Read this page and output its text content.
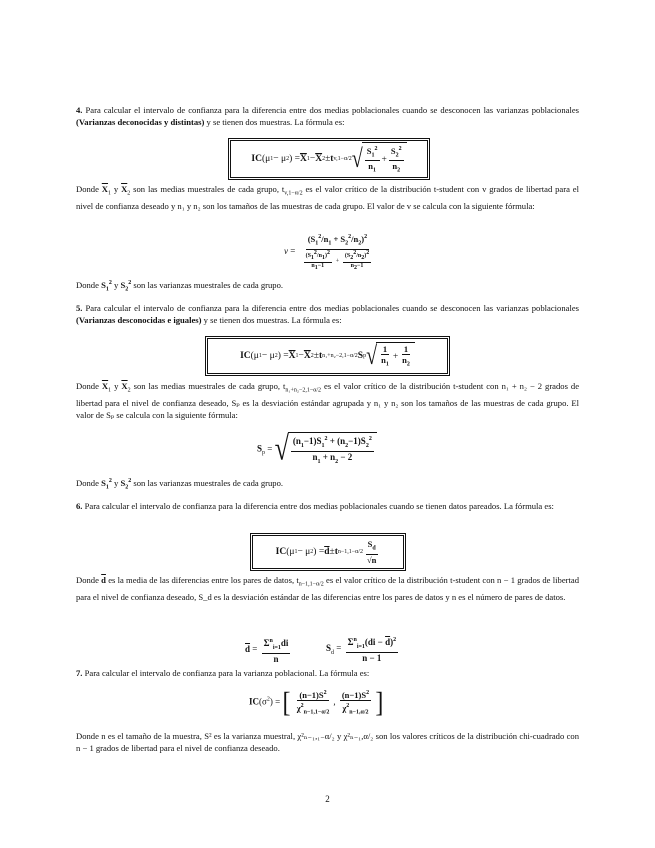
4. Para calcular el intervalo de confianza para la diferencia entre dos medias poblacionales cuando se desconocen las varianzas poblacionales (Varianzas deconocidas y distintas) y se tienen dos muestras. La fórmula es:

IC (μ 1 − μ 2 ) = $\overline{X}$ $1 - \overline{X}$ 2 ± t v,1−α/2 √ $\frac{S_1^2}{n_1} + \frac{S_2^2}{n_2}$

Donde $\overline{X}_1$ y $\overline{X}_2$ son las medias muestrales de cada grupo, $t_{v,1-\alpha/2}$ es el valor crítico de la distribución t-student con v grados de libertad para el nivel de confianza deseado y n₁ y n₂ son los tamaños de las muestras de cada grupo. El valor de v se calcula con la siguiente fórmula:

$v = \frac{(S_1^2/n_1 + S_2^2/n_2)^2}{\frac{(S_1^2/n_1)^2}{n_1-1} + \frac{(S_2^2/n_2)^2}{n_2-1}}$

Donde $S_1^2$ y $S_2^2$ son las varianzas muestrales de cada grupo.

5. Para calcular el intervalo de confianza para la diferencia entre dos medias poblacionales cuando se desconocen las varianzas poblacionales (Varianzas desconocidas e iguales) y se tienen dos muestras. La fórmula es:

IC (μ 1 − μ 2 ) = $\overline{X}$ $1 - \overline{X}$ 2 ± t n₁+n₂−2,1−α/2 S p √ $\frac{1}{n_1} + \frac{1}{n_2}$

Donde $\overline{X}_1$ y $\overline{X}_2$ son las medias muestrales de cada grupo, $t_{n_1+n_2-2,1-\alpha/2}$ es el valor crítico de la distribución t-student con n₁ + n₂ − 2 grados de libertad para el nivel de confianza deseado, Sₚ es la desviación estándar agrupada y n₁ y n₂ son los tamaños de las muestras de cada grupo. El valor de Sₚ se calcula con la siguiente fórmula:

$S_p$ = √ $\frac{(n_1-1)S_1^2 + (n_2-1)S_2^2}{n_1 + n_2 - 2}$

Donde $S_1^2$ y $S_2^2$ son las varianzas muestrales de cada grupo.

6. Para calcular el intervalo de confianza para la diferencia entre dos medias poblacionales cuando se tienen datos pareados. La fórmula es:

IC (μ 1 − μ 2 ) = $\overline{d} \pm t$ $n-1,1-\alpha/2 \frac{S_d}{√n}$

Donde $\overline{d}$ es la media de las diferencias entre los pares de datos, $t_{n-1,1-\alpha/2}$ es el valor crítico de la distribución t-student con n − 1 grados de libertad para el nivel de confianza deseado, S_d es la desviación estándar de las diferencias entre los pares de datos y n es el número de pares de datos.

$\overline{d} = \frac{\Sigma^n_{i=1}di}{n}$	$S_d = \frac{\Sigma^n_{i=1}(di - \overline{d})^2}{n - 1}$

7. Para calcular el intervalo de confianza para la varianza poblacional. La fórmula es:

$IC(\sigma^2)$ = [ $\frac{(n-1)S^2}{\chi^2_{n-1,1-\alpha/2}}$ , $\frac{(n-1)S^2}{\chi^2_{n-1,\alpha/2}}$ ]

Donde n es el tamaño de la muestra, S² es la varianza muestral, χ²ₙ₋₁,₁₋α/₂ y χ²ₙ₋₁,α/₂ son los valores críticos de la distribución chi-cuadrado con n − 1 grados de libertad para el nivel de confianza deseado.

2
